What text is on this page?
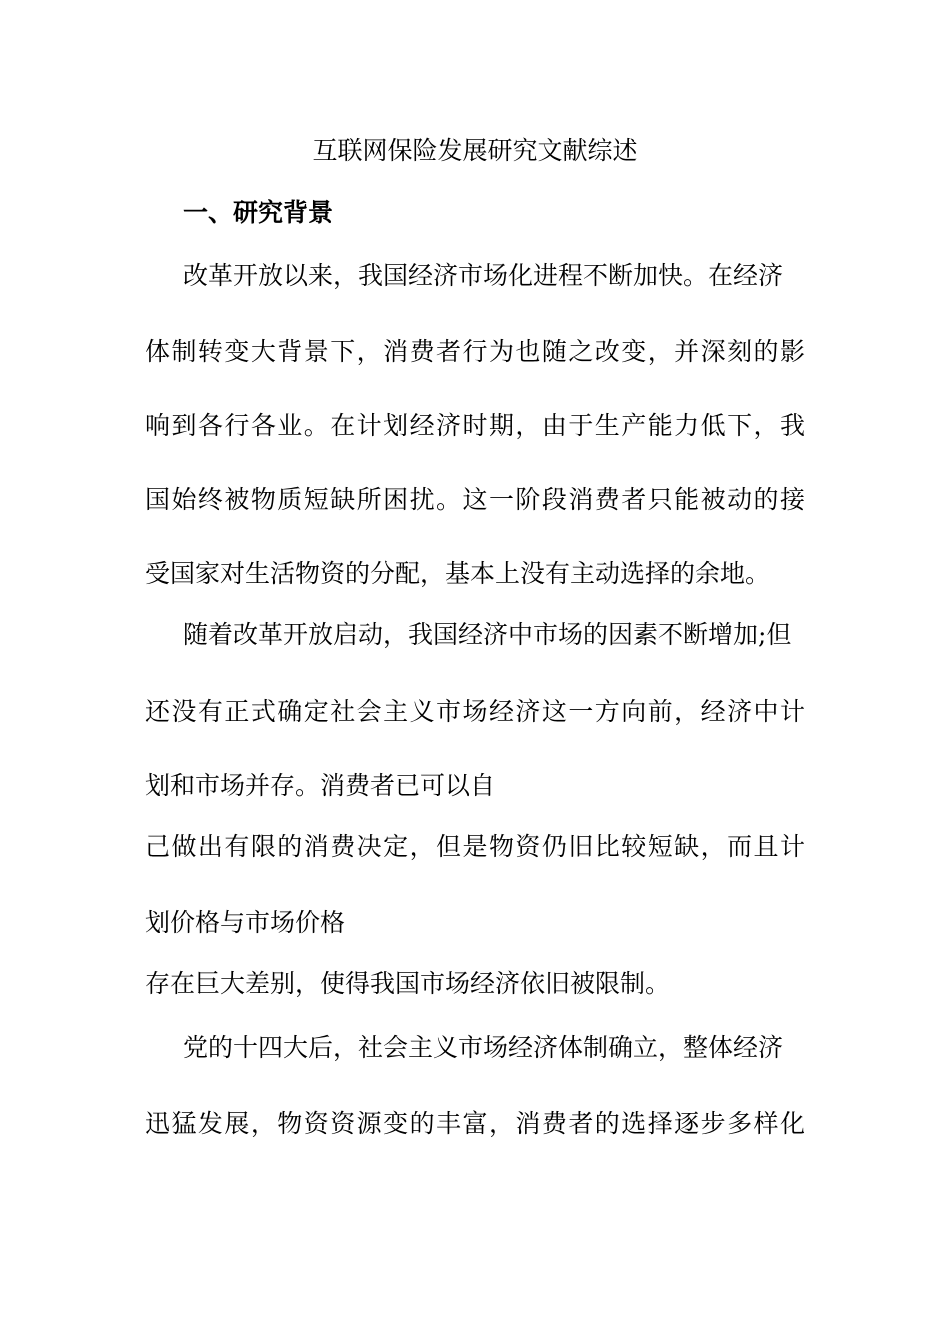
互联网保险发展研究文献综述
一、研究背景
改革开放以来，我国经济市场化进程不断加快。在经济
体制转变大背景下，消费者行为也随之改变，并深刻的影
响到各行各业。在计划经济时期，由于生产能力低下，我
国始终被物质短缺所困扰。这一阶段消费者只能被动的接
受国家对生活物资的分配，基本上没有主动选择的余地。
随着改革开放启动，我国经济中市场的因素不断增加;但
还没有正式确定社会主义市场经济这一方向前，经济中计
划和市场并存。消费者已可以自
己做出有限的消费决定，但是物资仍旧比较短缺，而且计
划价格与市场价格
存在巨大差别，使得我国市场经济依旧被限制。
党的十四大后，社会主义市场经济体制确立，整体经济
迅猛发展，物资资源变的丰富，消费者的选择逐步多样化
